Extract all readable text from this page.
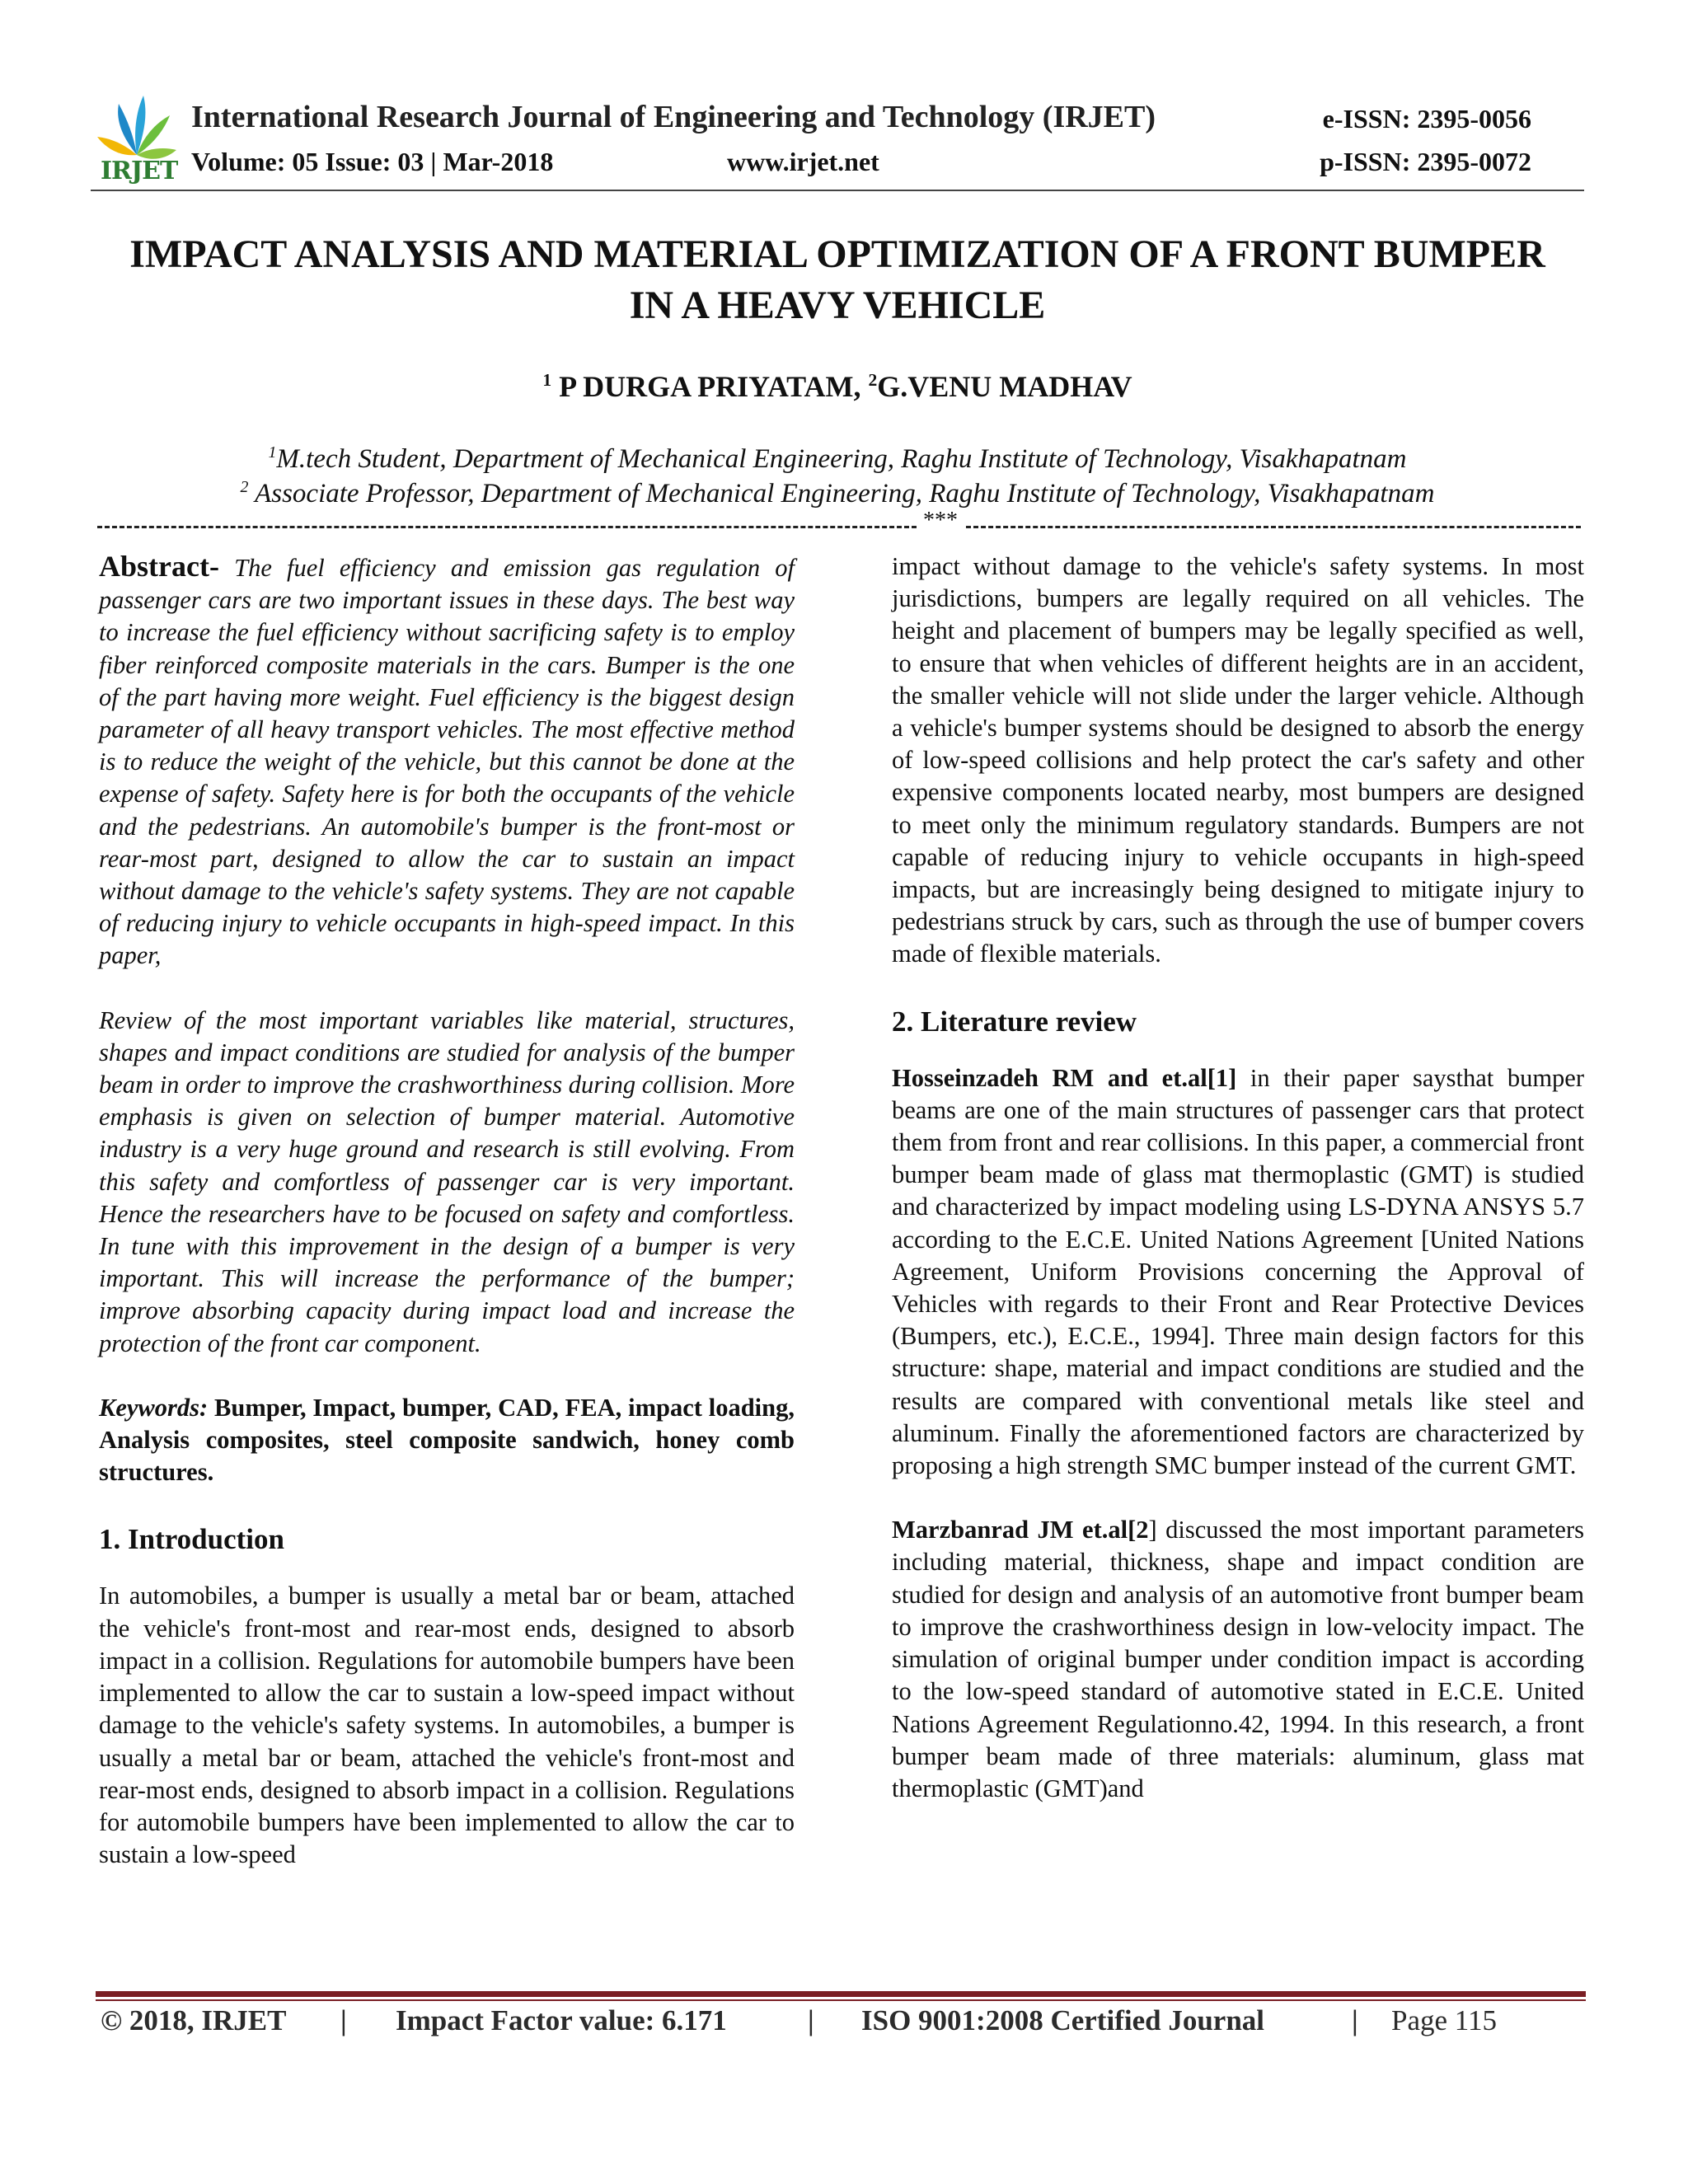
IRJET
International Research Journal of Engineering and Technology (IRJET)	e-ISSN: 2395-0056
Volume: 05 Issue: 03 | Mar-2018	www.irjet.net	p-ISSN: 2395-0072
IMPACT ANALYSIS AND MATERIAL OPTIMIZATION OF A FRONT BUMPER
IN A HEAVY VEHICLE
$^1$ P DURGA PRIYATAM, $^2$G.VENU MADHAV
$^1$M.tech Student, Department of Mechanical Engineering, Raghu Institute of Technology, Visakhapatnam
$^2$ Associate Professor, Department of Mechanical Engineering, Raghu Institute of Technology, Visakhapatnam
***

Abstract- The fuel efficiency and emission gas regulation of passenger cars are two important issues in these days. The best way to increase the fuel efficiency without sacrificing safety is to employ fiber reinforced composite materials in the cars. Bumper is the one of the part having more weight. Fuel efficiency is the biggest design parameter of all heavy transport vehicles. The most effective method is to reduce the weight of the vehicle, but this cannot be done at the expense of safety. Safety here is for both the occupants of the vehicle and the pedestrians. An automobile's bumper is the front-most or rear-most part, designed to allow the car to sustain an impact without damage to the vehicle's safety systems. They are not capable of reducing injury to vehicle occupants in high-speed impact. In this paper,

Review of the most important variables like material, structures, shapes and impact conditions are studied for analysis of the bumper beam in order to improve the crashworthiness during collision. More emphasis is given on selection of bumper material. Automotive industry is a very huge ground and research is still evolving. From this safety and comfortless of passenger car is very important. Hence the researchers have to be focused on safety and comfortless. In tune with this improvement in the design of a bumper is very important. This will increase the performance of the bumper; improve absorbing capacity during impact load and increase the protection of the front car component.

Keywords: Bumper, Impact, bumper, CAD, FEA, impact loading, Analysis composites, steel composite sandwich, honey comb structures.

1. Introduction

In automobiles, a bumper is usually a metal bar or beam, attached the vehicle's front-most and rear-most ends, designed to absorb impact in a collision. Regulations for automobile bumpers have been implemented to allow the car to sustain a low-speed impact without damage to the vehicle's safety systems. In automobiles, a bumper is usually a metal bar or beam, attached the vehicle's front-most and rear-most ends, designed to absorb impact in a collision. Regulations for automobile bumpers have been implemented to allow the car to sustain a low-speed

impact without damage to the vehicle's safety systems. In most jurisdictions, bumpers are legally required on all vehicles. The height and placement of bumpers may be legally specified as well, to ensure that when vehicles of different heights are in an accident, the smaller vehicle will not slide under the larger vehicle. Although a vehicle's bumper systems should be designed to absorb the energy of low-speed collisions and help protect the car's safety and other expensive components located nearby, most bumpers are designed to meet only the minimum regulatory standards. Bumpers are not capable of reducing injury to vehicle occupants in high-speed impacts, but are increasingly being designed to mitigate injury to pedestrians struck by cars, such as through the use of bumper covers made of flexible materials.

2. Literature review

Hosseinzadeh RM and et.al[1] in their paper saysthat bumper beams are one of the main structures of passenger cars that protect them from front and rear collisions. In this paper, a commercial front bumper beam made of glass mat thermoplastic (GMT) is studied and characterized by impact modeling using LS-DYNA ANSYS 5.7 according to the E.C.E. United Nations Agreement [United Nations Agreement, Uniform Provisions concerning the Approval of Vehicles with regards to their Front and Rear Protective Devices (Bumpers, etc.), E.C.E., 1994]. Three main design factors for this structure: shape, material and impact conditions are studied and the results are compared with conventional metals like steel and aluminum. Finally the aforementioned factors are characterized by proposing a high strength SMC bumper instead of the current GMT.

Marzbanrad JM et.al[2] discussed the most important parameters including material, thickness, shape and impact condition are studied for design and analysis of an automotive front bumper beam to improve the crashworthiness design in low-velocity impact. The simulation of original bumper under condition impact is according to the low-speed standard of automotive stated in E.C.E. United Nations Agreement Regulationno.42, 1994. In this research, a front bumper beam made of three materials: aluminum, glass mat thermoplastic (GMT)and

© 2018, IRJET | Impact Factor value: 6.171	| ISO 9001:2008 Certified Journal	| Page 115
